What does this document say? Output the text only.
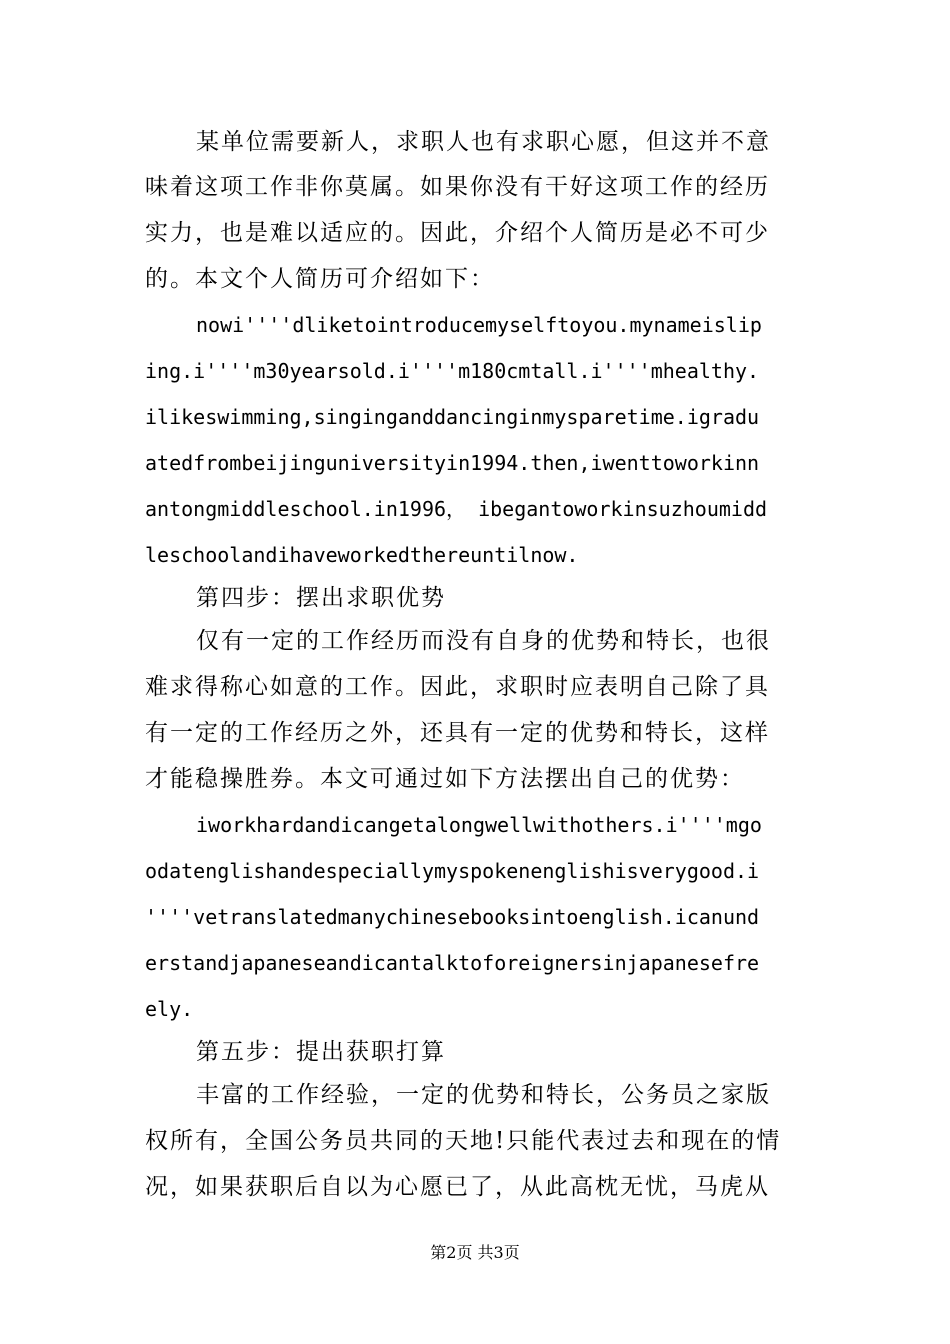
某单位需要新人，求职人也有求职心愿，但这并不意
味着这项工作非你莫属。如果你没有干好这项工作的经历
实力，也是难以适应的。因此，介绍个人简历是必不可少
的。本文个人简历可介绍如下：
nowi''''dliketointroducemyselftoyou.mynameislip
ing.i''''m30yearsold.i''''m180cmtall.i''''mhealthy.
ilikeswimming,singinganddancinginmysparetime.igradu
atedfrombeijinguniversityin1994.then,iwenttoworkinn
antongmiddleschool.in1996， ibegantoworkinsuzhoumidd
leschoolandihaveworkedthereuntilnow.
第四步：摆出求职优势
仅有一定的工作经历而没有自身的优势和特长，也很
难求得称心如意的工作。因此，求职时应表明自己除了具
有一定的工作经历之外，还具有一定的优势和特长，这样
才能稳操胜券。本文可通过如下方法摆出自己的优势：
iworkhardandicangetalongwellwithothers.i''''mgo
odatenglishandespeciallymyspokenenglishisverygood.i
''''vetranslatedmanychinesebooksintoenglish.icanund
erstandjapaneseandicantalktoforeignersinjapanesefre
ely.
第五步：提出获职打算
丰富的工作经验，一定的优势和特长，公务员之家版
权所有，全国公务员共同的天地!只能代表过去和现在的情
况，如果获职后自以为心愿已了，从此高枕无忧，马虎从
第2页 共3页
